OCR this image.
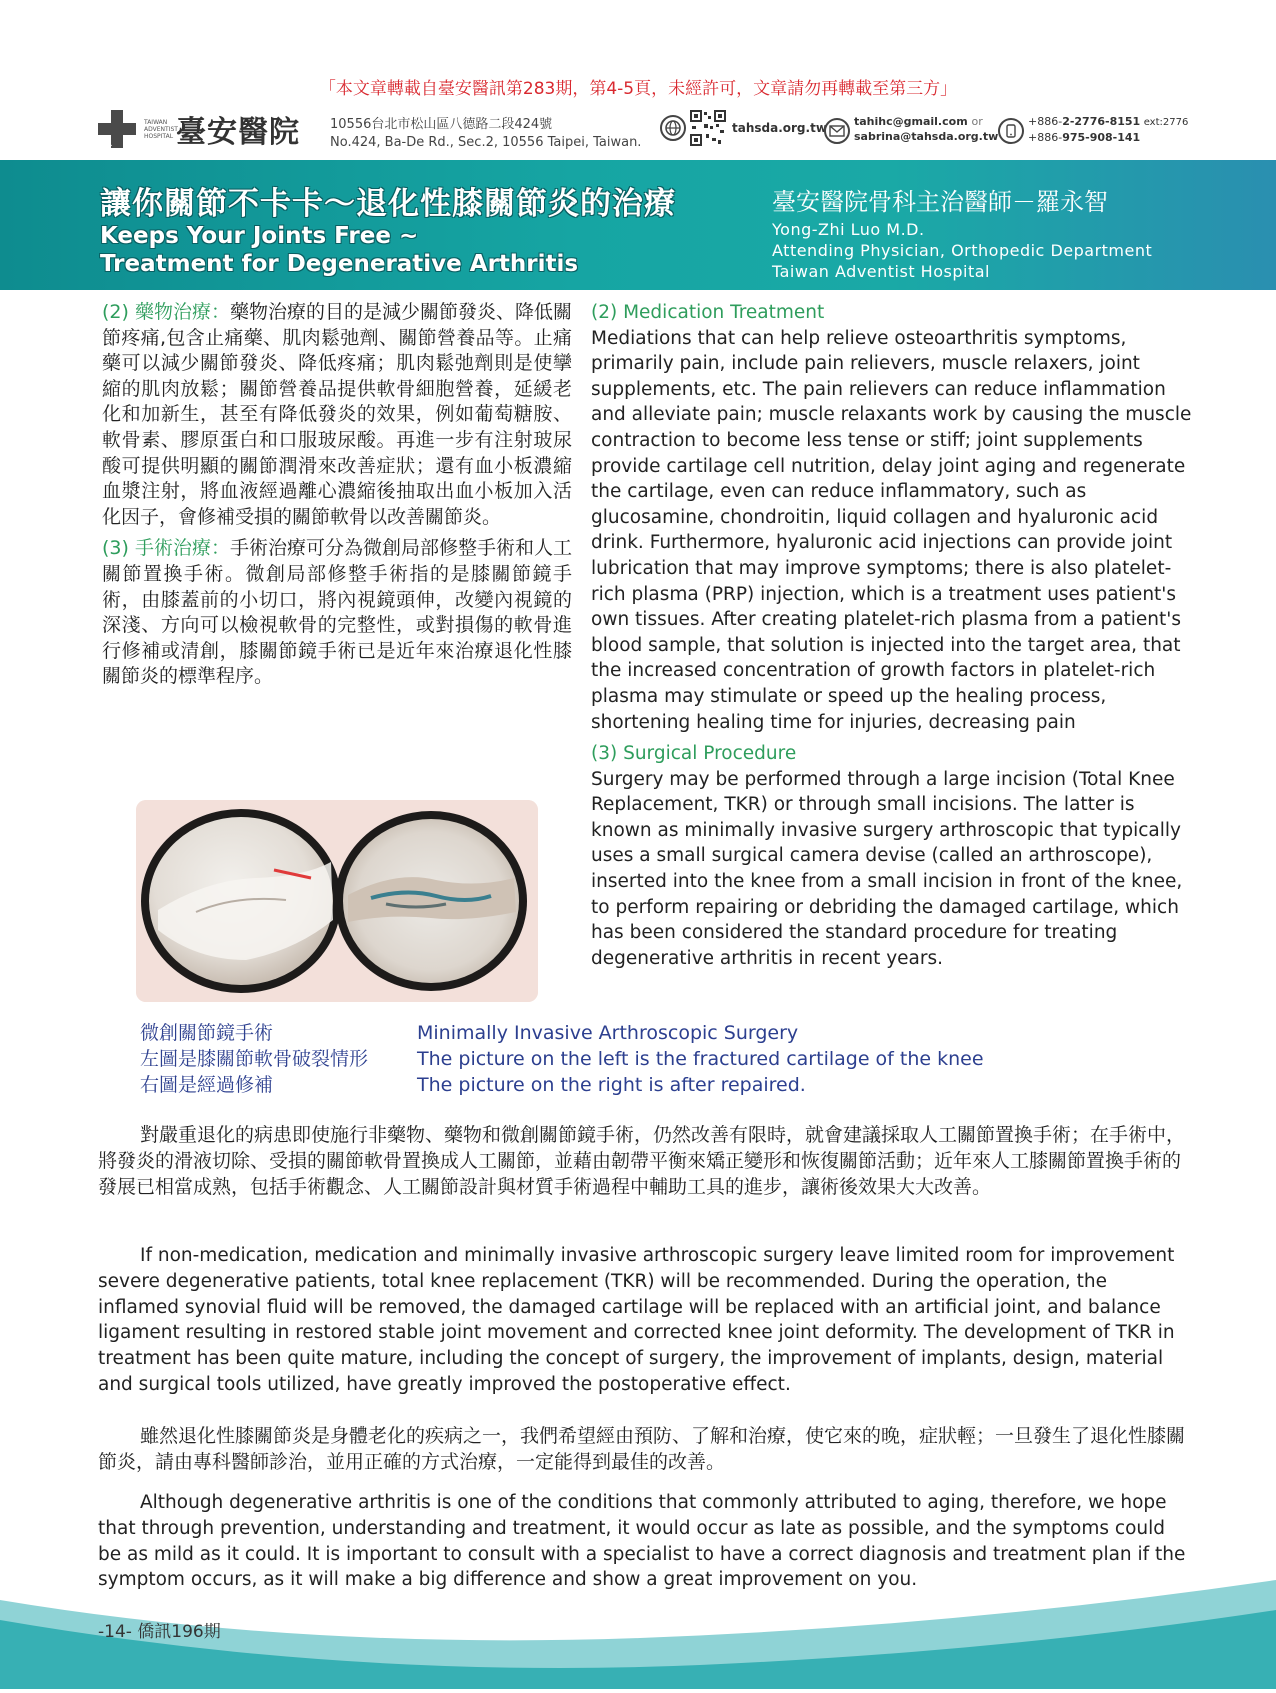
「本文章轉載自臺安醫訊第283期，第4-5頁，未經許可，文章請勿再轉載至第三方」
TAIWAN ADVENTIST HOSPITAL 臺安醫院 10556台北市松山區八德路二段424號
No.424, Ba-De Rd., Sec.2, 10556 Taipei, Taiwan.
tahsda.org.tw tahihc@gmail.com or
sabrina@tahsda.org.tw
+886-2-2776-8151 ext:2776
+886-975-908-141
讓你關節不卡卡～退化性膝關節炎的治療
Keeps Your Joints Free ~
Treatment for Degenerative Arthritis
臺安醫院骨科主治醫師－羅永智
Yong-Zhi Luo M.D.
Attending Physician, Orthopedic Department
Taiwan Adventist Hospital

(2) 藥物治療：藥物治療的目的是減少關節發炎、降低關節疼痛,包含止痛藥、肌肉鬆弛劑、關節營養品等。止痛藥可以減少關節發炎、降低疼痛；肌肉鬆弛劑則是使攣縮的肌肉放鬆；關節營養品提供軟骨細胞營養，延緩老化和加新生，甚至有降低發炎的效果，例如葡萄糖胺、軟骨素、膠原蛋白和口服玻尿酸。再進一步有注射玻尿酸可提供明顯的關節潤滑來改善症狀；還有血小板濃縮血漿注射，將血液經過離心濃縮後抽取出血小板加入活化因子，會修補受損的關節軟骨以改善關節炎。

(3) 手術治療：手術治療可分為微創局部修整手術和人工關節置換手術。微創局部修整手術指的是膝關節鏡手術，由膝蓋前的小切口，將內視鏡頭伸，改變內視鏡的深淺、方向可以檢視軟骨的完整性，或對損傷的軟骨進行修補或清創，膝關節鏡手術已是近年來治療退化性膝關節炎的標準程序。

(2) Medication Treatment

Mediations that can help relieve osteoarthritis symptoms, primarily pain, include pain relievers, muscle relaxers, joint supplements, etc. The pain relievers can reduce inflammation and alleviate pain; muscle relaxants work by causing the muscle contraction to become less tense or stiff; joint supplements provide cartilage cell nutrition, delay joint aging and regenerate the cartilage, even can reduce inflammatory, such as glucosamine, chondroitin, liquid collagen and hyaluronic acid drink. Furthermore, hyaluronic acid injections can provide joint lubrication that may improve symptoms; there is also platelet-rich plasma (PRP) injection, which is a treatment uses patient's own tissues. After creating platelet-rich plasma from a patient's blood sample, that solution is injected into the target area, that the increased concentration of growth factors in platelet-rich plasma may stimulate or speed up the healing process, shortening healing time for injuries, decreasing pain

(3) Surgical Procedure

Surgery may be performed through a large incision (Total Knee Replacement, TKR) or through small incisions. The latter is known as minimally invasive surgery arthroscopic that typically uses a small surgical camera devise (called an arthroscope), inserted into the knee from a small incision in front of the knee, to perform repairing or debriding the damaged cartilage, which has been considered the standard procedure for treating degenerative arthritis in recent years.

微創關節鏡手術
左圖是膝關節軟骨破裂情形
右圖是經過修補
Minimally Invasive Arthroscopic Surgery
The picture on the left is the fractured cartilage of the knee
The picture on the right is after repaired.

對嚴重退化的病患即使施行非藥物、藥物和微創關節鏡手術，仍然改善有限時，就會建議採取人工關節置換手術；在手術中，將發炎的滑液切除、受損的關節軟骨置換成人工關節，並藉由韌帶平衡來矯正變形和恢復關節活動；近年來人工膝關節置換手術的發展已相當成熟，包括手術觀念、人工關節設計與材質手術過程中輔助工具的進步，讓術後效果大大改善。

If non-medication, medication and minimally invasive arthroscopic surgery leave limited room for improvement severe degenerative patients, total knee replacement (TKR) will be recommended. During the operation, the inflamed synovial fluid will be removed, the damaged cartilage will be replaced with an artificial joint, and balance ligament resulting in restored stable joint movement and corrected knee joint deformity. The development of TKR in treatment has been quite mature, including the concept of surgery, the improvement of implants, design, material and surgical tools utilized, have greatly improved the postoperative effect.

雖然退化性膝關節炎是身體老化的疾病之一，我們希望經由預防、了解和治療，使它來的晚，症狀輕；一旦發生了退化性膝關節炎，請由專科醫師診治，並用正確的方式治療，一定能得到最佳的改善。

Although degenerative arthritis is one of the conditions that commonly attributed to aging, therefore, we hope that through prevention, understanding and treatment, it would occur as late as possible, and the symptoms could be as mild as it could. It is important to consult with a specialist to have a correct diagnosis and treatment plan if the symptom occurs, as it will make a big difference and show a great improvement on you.

-14- 僑訊196期
